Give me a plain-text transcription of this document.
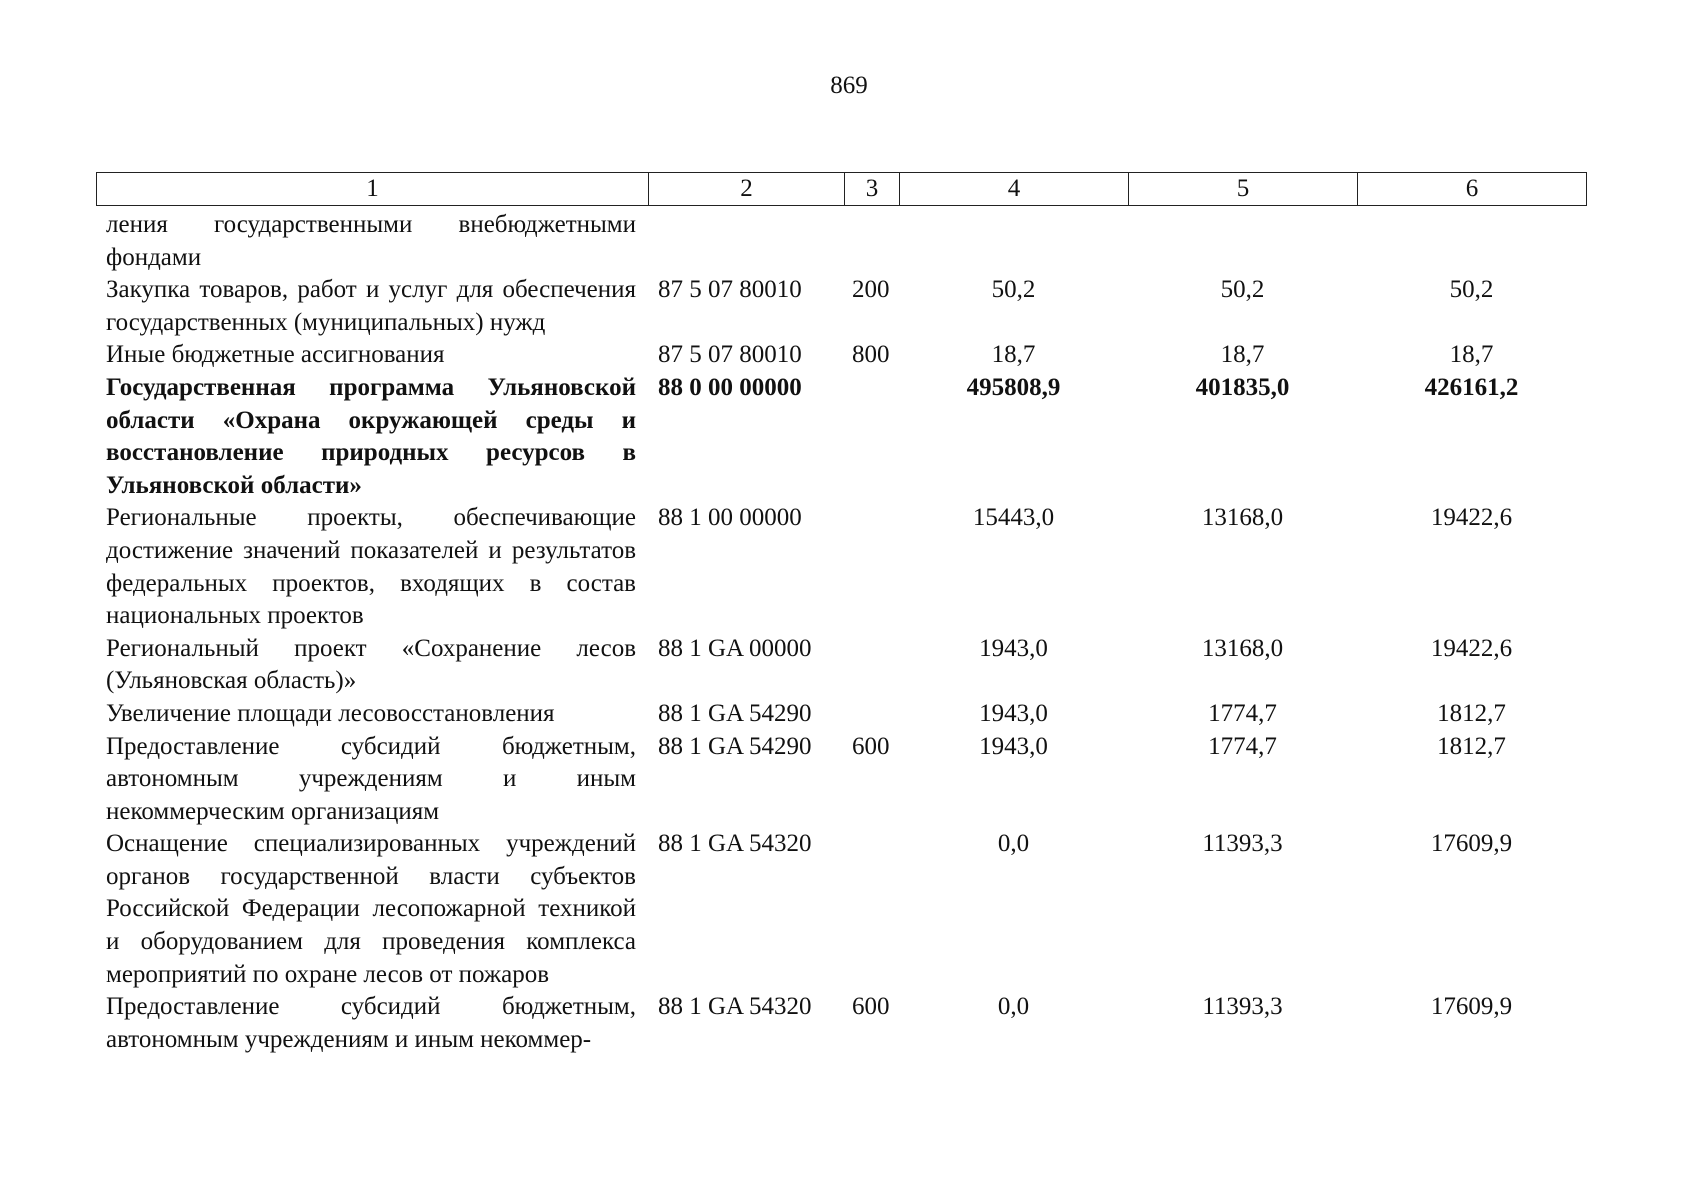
869
1	2	3	4	5	6
ления государственными внебюджетными фондами					
Закупка товаров, работ и услуг для обеспечения государственных (муниципальных) нужд	87 5 07 80010	200	50,2	50,2	50,2
Иные бюджетные ассигнования	87 5 07 80010	800	18,7	18,7	18,7
Государственная программа Ульяновской области «Охрана окружающей среды и восстановление природных ресурсов в Ульяновской области»	88 0 00 00000		495808,9	401835,0	426161,2
Региональные проекты, обеспечивающие достижение значений показателей и результатов федеральных проектов, входящих в состав национальных проектов	88 1 00 00000		15443,0	13168,0	19422,6
Региональный проект «Сохранение лесов (Ульяновская область)»	88 1 GA 00000		1943,0	13168,0	19422,6
Увеличение площади лесовосстановления	88 1 GA 54290		1943,0	1774,7	1812,7
Предоставление субсидий бюджетным, автономным учреждениям и иным некоммерческим организациям	88 1 GA 54290	600	1943,0	1774,7	1812,7
Оснащение специализированных учреждений органов государственной власти субъектов Российской Федерации лесопожарной техникой и оборудованием для проведения комплекса мероприятий по охране лесов от пожаров	88 1 GA 54320		0,0	11393,3	17609,9
Предоставление субсидий бюджетным, автономным учреждениям и иным некоммер-	88 1 GA 54320	600	0,0	11393,3	17609,9
